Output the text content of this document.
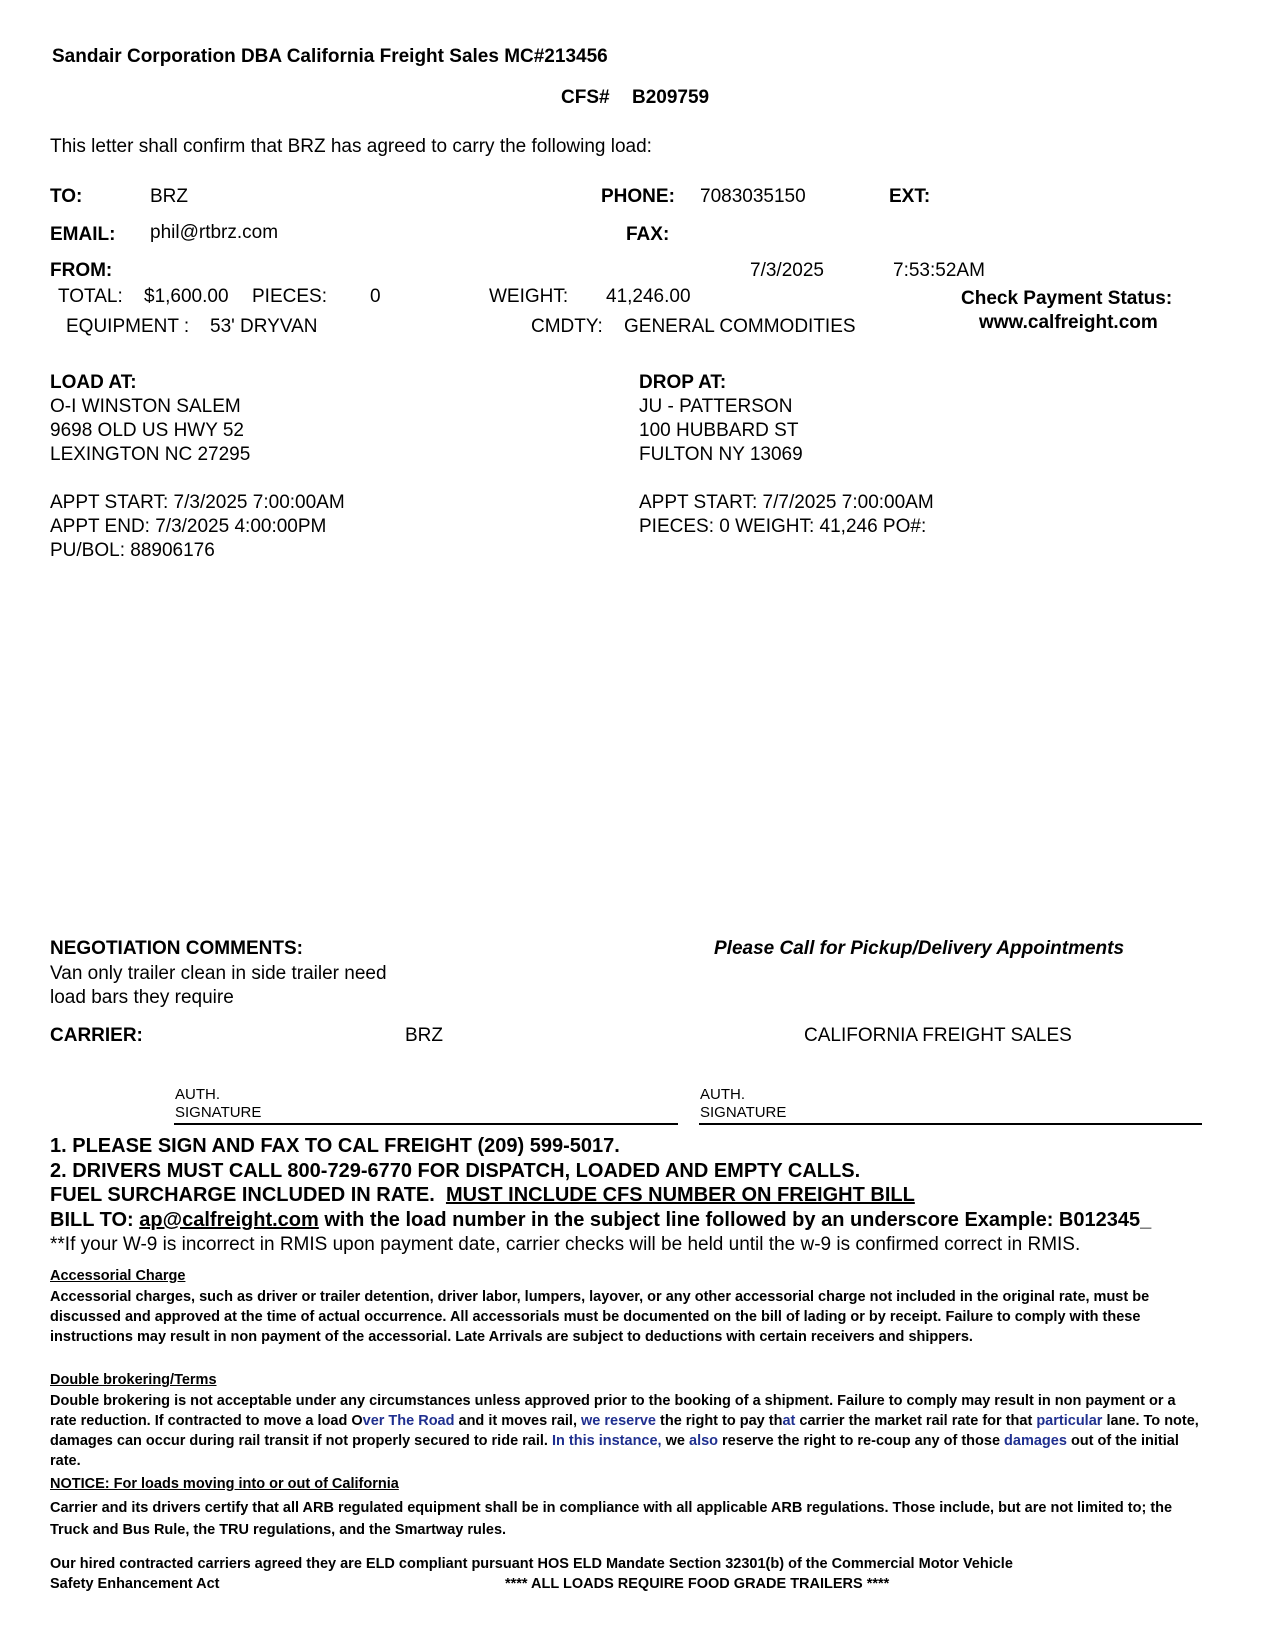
Sandair Corporation DBA California Freight Sales MC#213456
CFS# B209759
This letter shall confirm that BRZ has agreed to carry the following load:
TO:	BRZ	PHONE: 7083035150	EXT:
EMAIL: phil@rtbrz.com	FAX:
FROM:	7/3/2025	7:53:52AM
TOTAL: $1,600.00 PIECES: 0	WEIGHT: 41,246.00	Check Payment Status:
www.calfreight.com
EQUIPMENT : 53' DRYVAN	CMDTY: GENERAL COMMODITIES
LOAD AT:
O-I WINSTON SALEM
9698 OLD US HWY 52
LEXINGTON NC 27295
APPT START: 7/3/2025 7:00:00AM
APPT END: 7/3/2025 4:00:00PM
PU/BOL: 88906176
DROP AT:
JU - PATTERSON
100 HUBBARD ST
FULTON NY 13069
APPT START: 7/7/2025 7:00:00AM
PIECES: 0 WEIGHT: 41,246 PO#:
NEGOTIATION COMMENTS:
Van only trailer clean in side trailer need
load bars they require
Please Call for Pickup/Delivery Appointments
CARRIER:	BRZ	CALIFORNIA FREIGHT SALES
AUTH.
SIGNATURE
AUTH.
SIGNATURE
1. PLEASE SIGN AND FAX TO CAL FREIGHT (209) 599-5017.
2. DRIVERS MUST CALL 800-729-6770 FOR DISPATCH, LOADED AND EMPTY CALLS.
FUEL SURCHARGE INCLUDED IN RATE. MUST INCLUDE CFS NUMBER ON FREIGHT BILL
BILL TO: ap@calfreight.com with the load number in the subject line followed by an underscore Example: B012345_
**If your W-9 is incorrect in RMIS upon payment date, carrier checks will be held until the w-9 is confirmed correct in RMIS.
Accessorial Charge
Accessorial charges, such as driver or trailer detention, driver labor, lumpers, layover, or any other accessorial charge not included in the original rate, must be discussed and approved at the time of actual occurrence. All accessorials must be documented on the bill of lading or by receipt. Failure to comply with these instructions may result in non payment of the accessorial. Late Arrivals are subject to deductions with certain receivers and shippers.
Double brokering/Terms
Double brokering is not acceptable under any circumstances unless approved prior to the booking of a shipment. Failure to comply may result in non payment or a rate reduction. If contracted to move a load Over The Road and it moves rail, we reserve the right to pay that carrier the market rail rate for that particular lane. To note, damages can occur during rail transit if not properly secured to ride rail. In this instance, we also reserve the right to re-coup any of those damages out of the initial rate.
NOTICE: For loads moving into or out of California
Carrier and its drivers certify that all ARB regulated equipment shall be in compliance with all applicable ARB regulations. Those include, but are not limited to; the Truck and Bus Rule, the TRU regulations, and the Smartway rules.
Our hired contracted carriers agreed they are ELD compliant pursuant HOS ELD Mandate Section 32301(b) of the Commercial Motor Vehicle
Safety Enhancement Act	**** ALL LOADS REQUIRE FOOD GRADE TRAILERS ****
